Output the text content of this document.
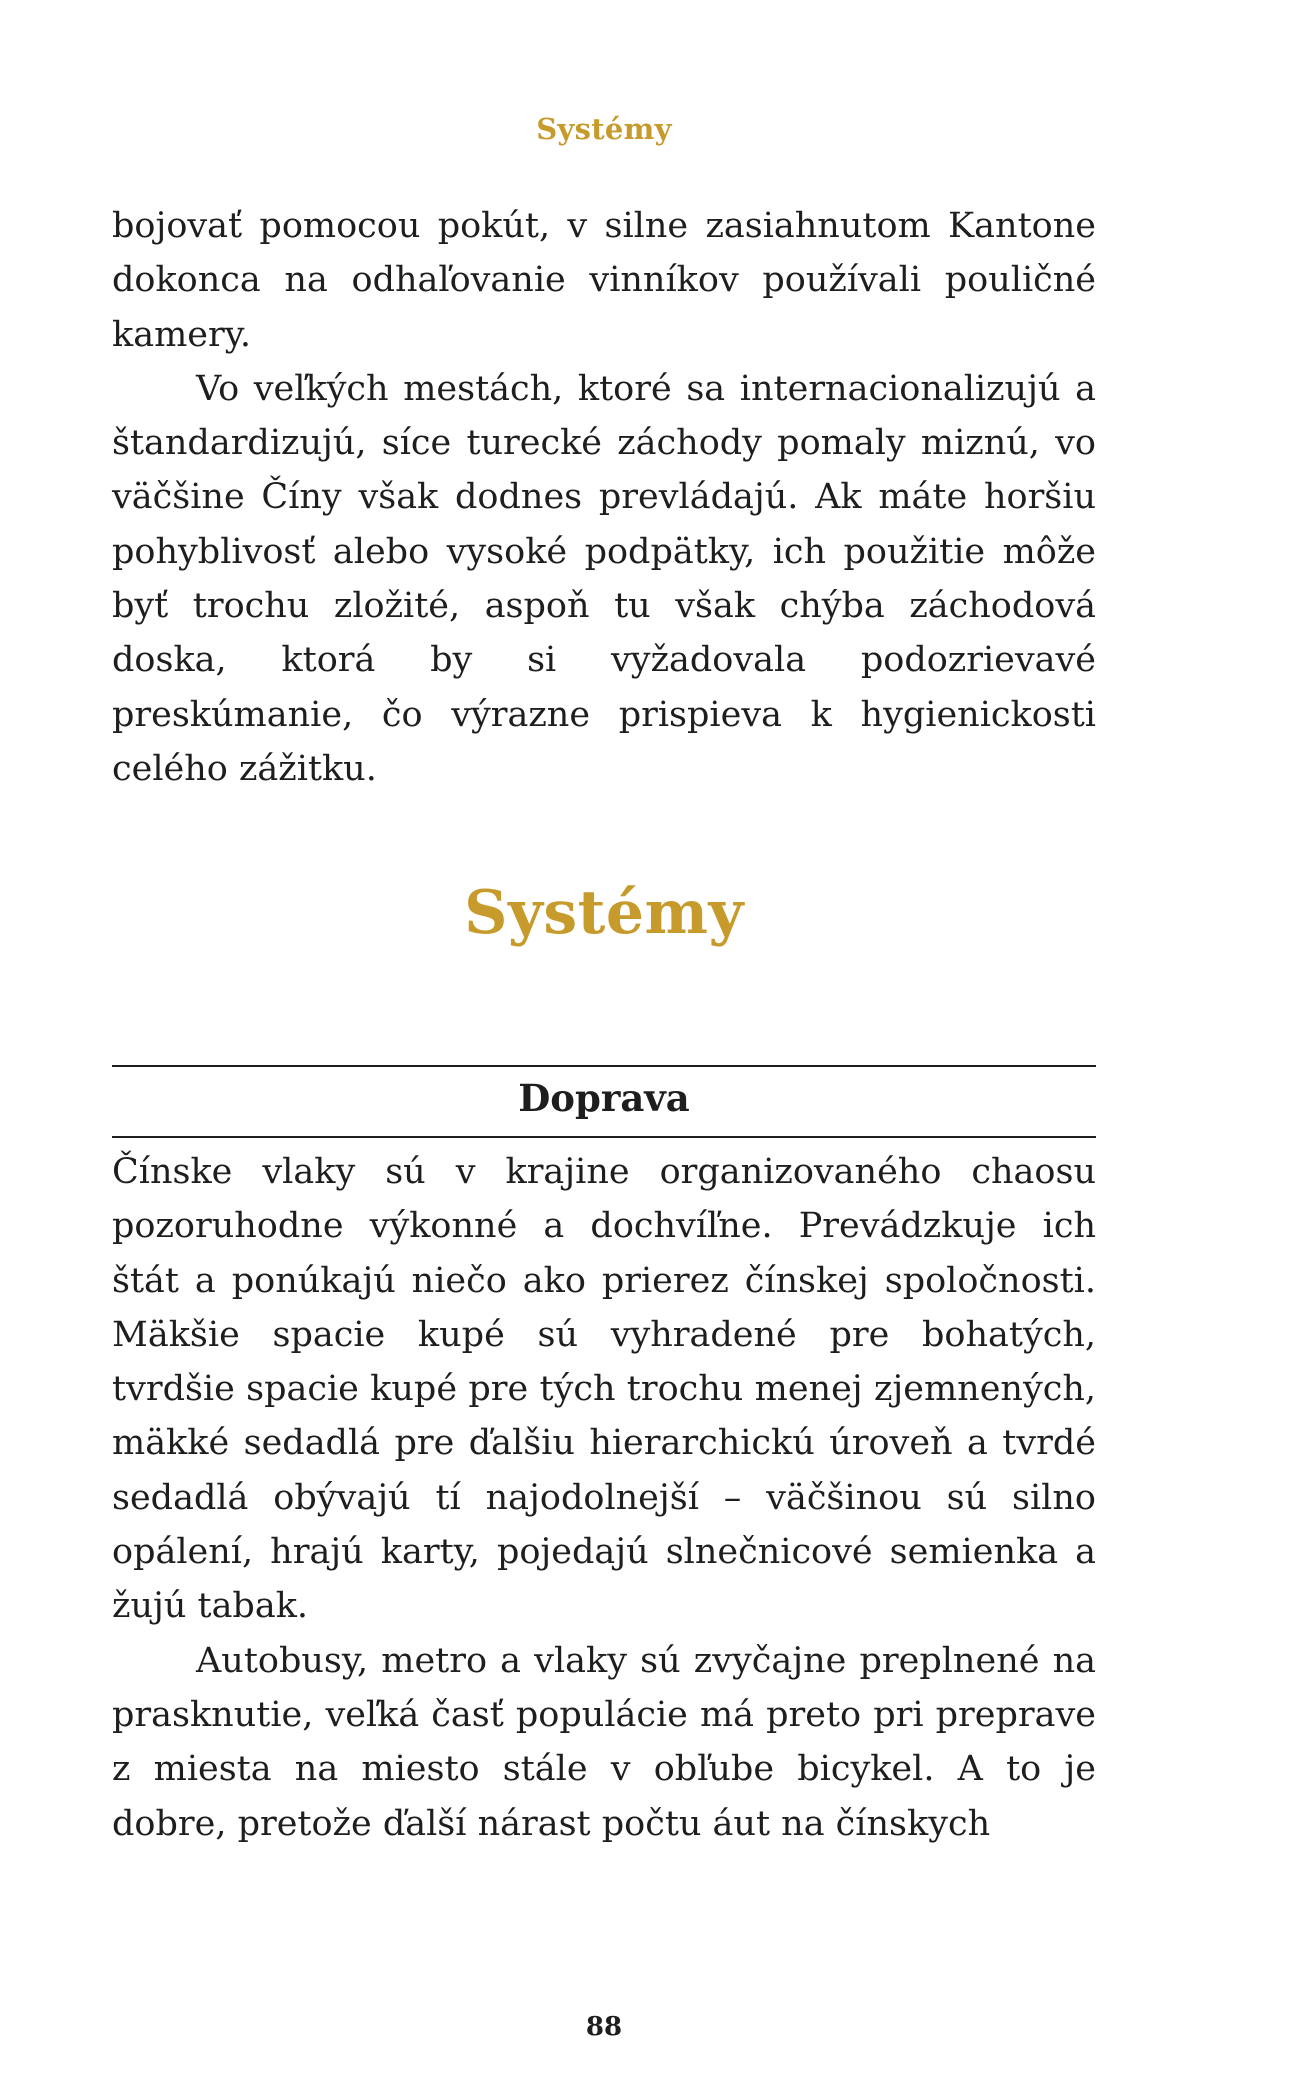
Systémy

bojovať pomocou pokút, v silne zasiahnutom Kantone dokonca na odhaľovanie vinníkov používali pouličné kamery.

Vo veľkých mestách, ktoré sa internacionalizujú a štandardizujú, síce turecké záchody pomaly miznú, vo väčšine Číny však dodnes prevládajú. Ak máte horšiu pohyblivosť alebo vysoké podpätky, ich použitie môže byť trochu zložité, aspoň tu však chýba záchodová doska, ktorá by si vyžadovala podozrievavé preskúmanie, čo výrazne prispieva k hygienickosti celého zážitku.

Systémy
Doprava

Čínske vlaky sú v krajine organizovaného chaosu pozoruhodne výkonné a dochvíľne. Prevádzkuje ich štát a ponúkajú niečo ako prierez čínskej spoločnosti. Mäkšie spacie kupé sú vyhradené pre bohatých, tvrdšie spacie kupé pre tých trochu menej zjemnených, mäkké sedadlá pre ďalšiu hierarchickú úroveň a tvrdé sedadlá obývajú tí najodolnejší – väčšinou sú silno opálení, hrajú karty, pojedajú slnečnicové semienka a žujú tabak.

Autobusy, metro a vlaky sú zvyčajne preplnené na prasknutie, veľká časť populácie má preto pri preprave z miesta na miesto stále v obľube bicykel. A to je dobre, pretože ďalší nárast počtu áut na čínskych

88
